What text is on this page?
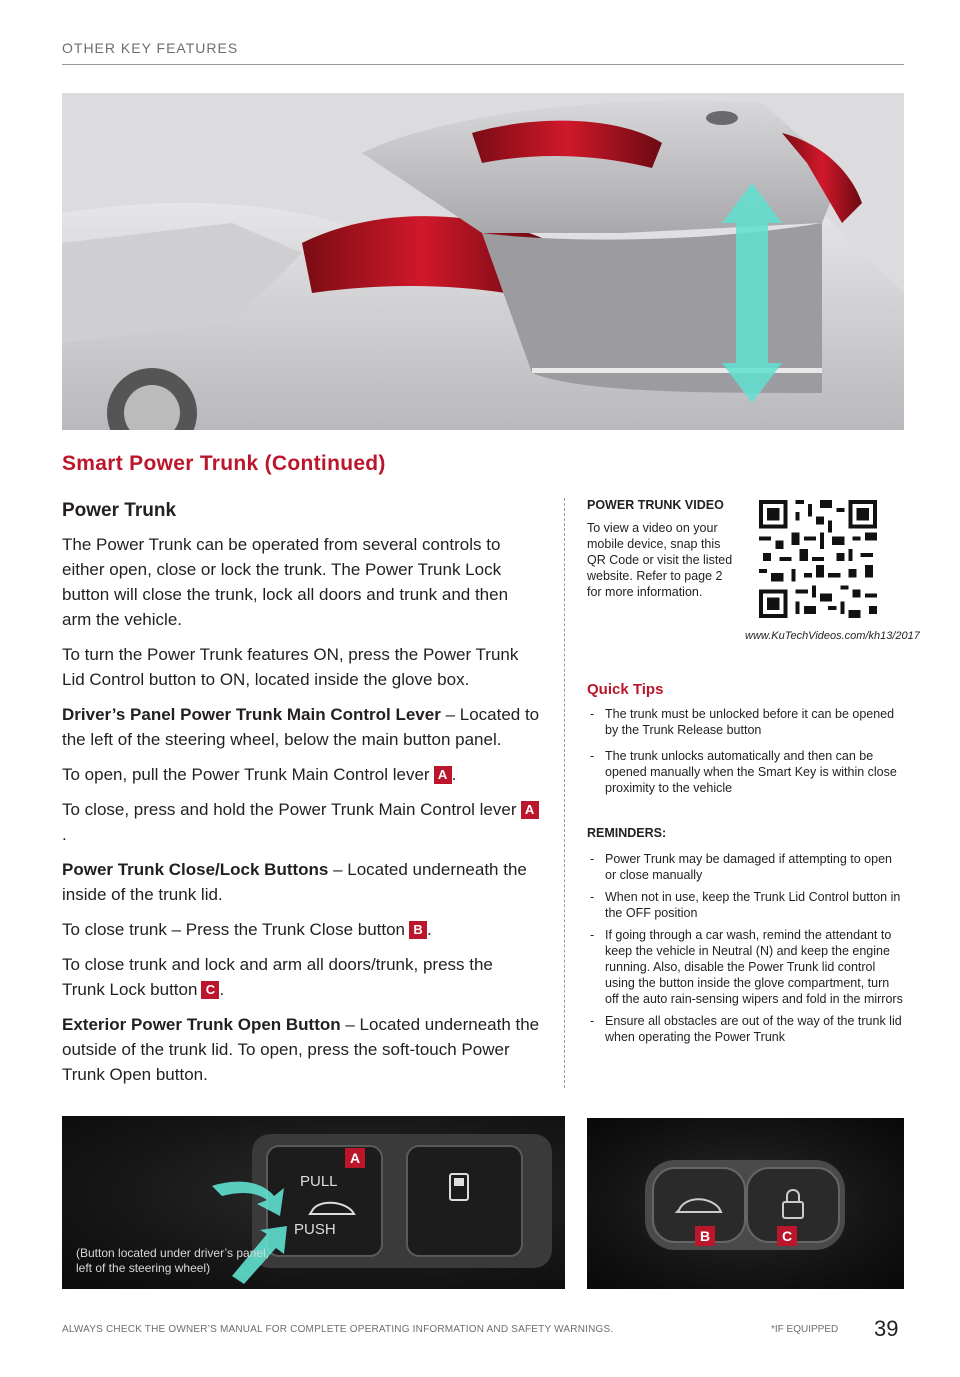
OTHER KEY FEATURES
Smart Power Trunk (Continued)
Power Trunk

The Power Trunk can be operated from several controls to either open, close or lock the trunk. The Power Trunk Lock button will close the trunk, lock all doors and trunk and then arm the vehicle.

To turn the Power Trunk features ON, press the Power Trunk Lid Control button to ON, located inside the glove box.

Driver’s Panel Power Trunk Main Control Lever – Located to the left of the steering wheel, below the main button panel.

To open, pull the Power Trunk Main Control lever A .

To close, press and hold the Power Trunk Main Control lever A.

Power Trunk Close/Lock Buttons – Located underneath the inside of the trunk lid.

To close trunk – Press the Trunk Close button B .

To close trunk and lock and arm all doors/trunk, press the Trunk Lock button C .

Exterior Power Trunk Open Button – Located underneath the outside of the trunk lid. To open, press the soft-touch Power Trunk Open button.

POWER TRUNK VIDEO
To view a video on your mobile device, snap this QR Code or visit the listed website. Refer to page 2 for more information.
www.KuTechVideos.com/kh13/2017
Quick Tips
- The trunk must be unlocked before it can be opened by the Trunk Release button
- The trunk unlocks automatically and then can be opened manually when the Smart Key is within close proximity to the vehicle
REMINDERS:
- Power Trunk may be damaged if attempting to open or close manually
- When not in use, keep the Trunk Lid Control button in the OFF position
- If going through a car wash, remind the attendant to keep the vehicle in Neutral (N) and keep the engine running. Also, disable the Power Trunk lid control using the button inside the glove compartment, turn off the auto rain-sensing wipers and fold in the mirrors
- Ensure all obstacles are out of the way of the trunk lid when operating the Power Trunk
PULL
PUSH
A
(Button located under driver’s panel, left of the steering wheel)
B	C
ALWAYS CHECK THE OWNER’S MANUAL FOR COMPLETE OPERATING INFORMATION AND SAFETY WARNINGS.	*IF EQUIPPED 39
